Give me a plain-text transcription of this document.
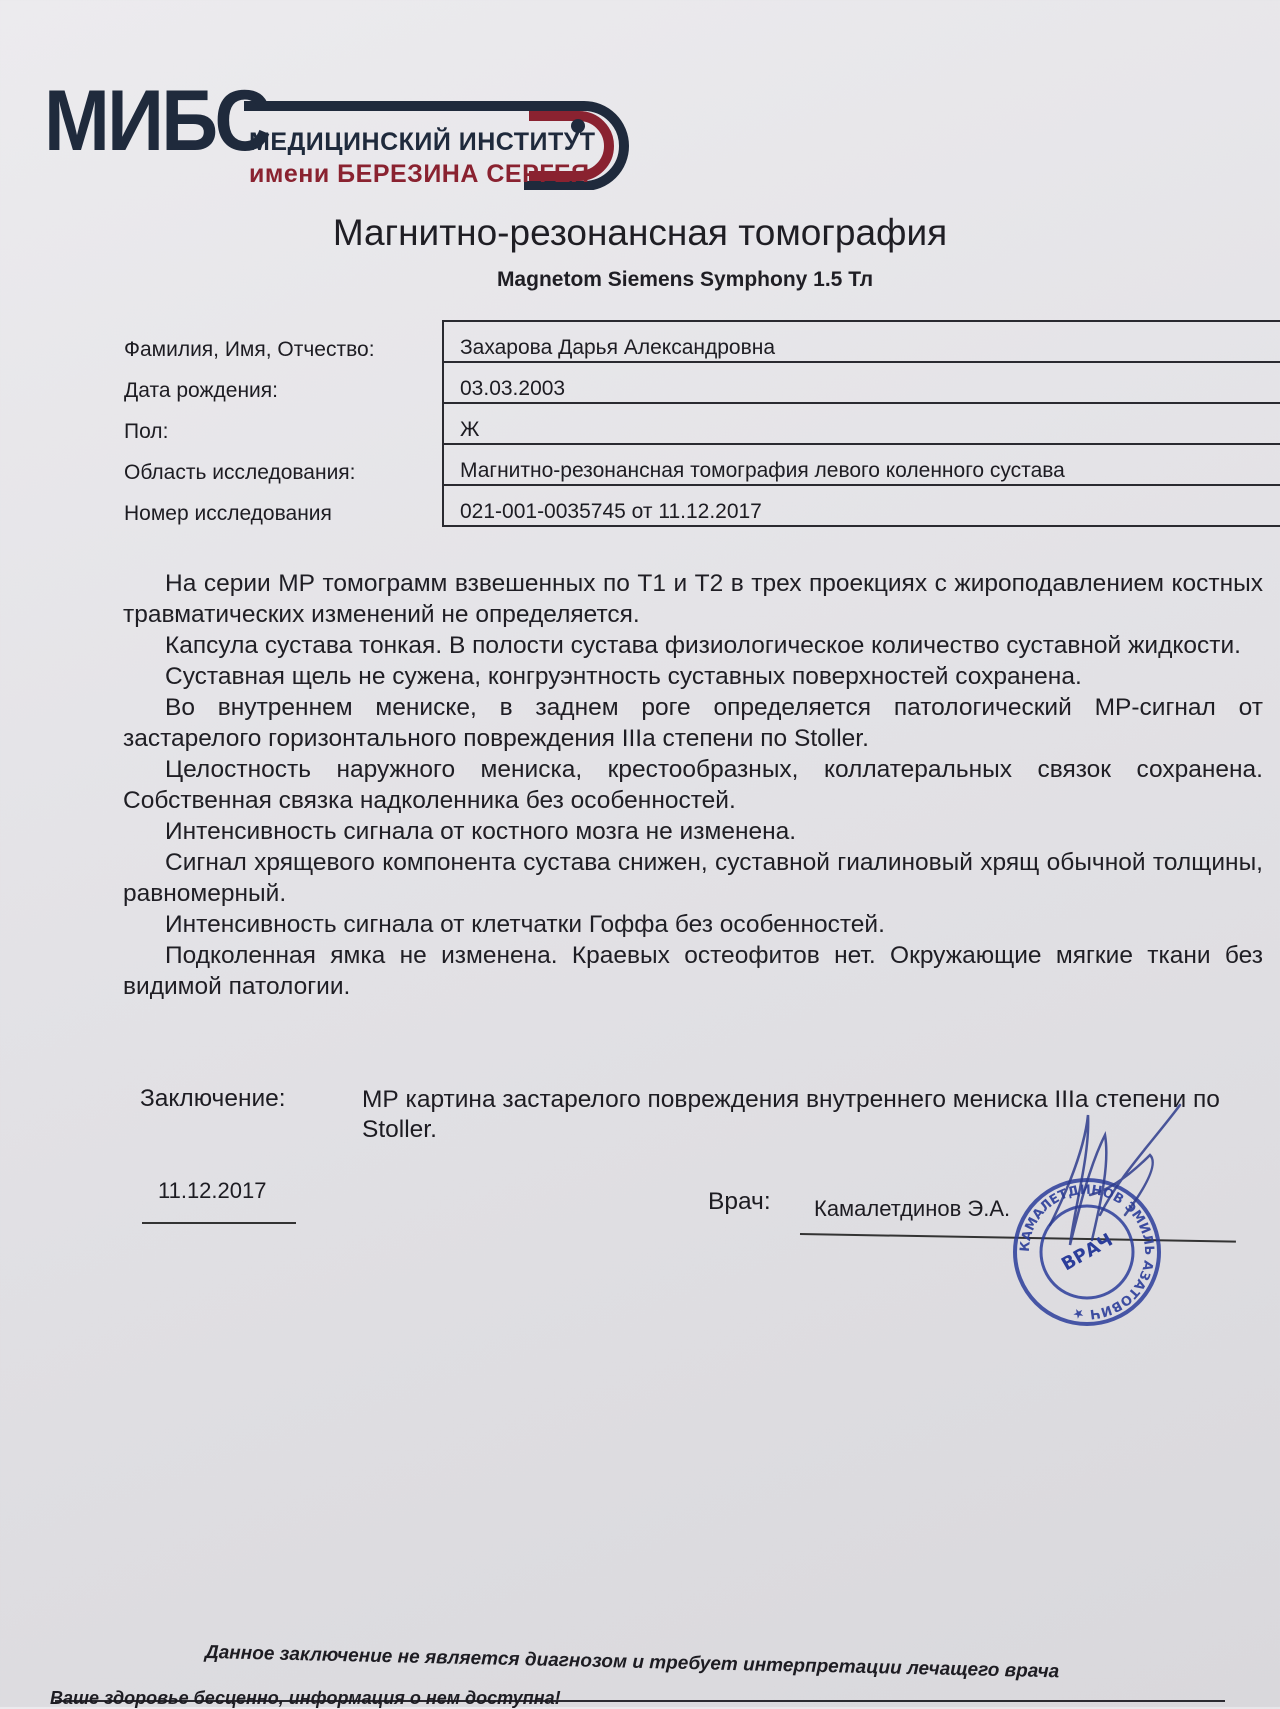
МИБС
МЕДИЦИНСКИЙ ИНСТИТУТ
имени БЕРЕЗИНА СЕРГЕЯ
Магнитно-резонансная томография
Magnetom Siemens Symphony 1.5 Тл
Фамилия, Имя, Отчество:	Захарова Дарья Александровна
Дата рождения:	03.03.2003
Пол:	Ж
Область исследования:	Магнитно-резонансная томография левого коленного сустава
Номер исследования	021-001-0035745 от 11.12.2017

На серии МР томограмм взвешенных по Т1 и Т2 в трех проекциях с жироподавлением костных травматических изменений не определяется.

Капсула сустава тонкая. В полости сустава физиологическое количество суставной жидкости.

Суставная щель не сужена, конгруэнтность суставных поверхностей сохранена.

Во внутреннем мениске, в заднем роге определяется патологический МР-сигнал от застарелого горизонтального повреждения IIIa степени по Stoller.

Целостность наружного мениска, крестообразных, коллатеральных связок сохранена. Собственная связка надколенника без особенностей.

Интенсивность сигнала от костного мозга не изменена.

Сигнал хрящевого компонента сустава снижен, суставной гиалиновый хрящ обычной толщины, равномерный.

Интенсивность сигнала от клетчатки Гоффа без особенностей.

Подколенная ямка не изменена. Краевых остеофитов нет. Окружающие мягкие ткани без видимой патологии.

Заключение:	МР картина застарелого повреждения внутреннего мениска IIIa степени по Stoller.
11.12.2017	Врач: Камалетдинов Э.А.
КАМАЛЕТДИНОВ ЭМИЛЬ АЗАТОВИЧ ★
ВРАЧ
Данное заключение не является диагнозом и требует интерпретации лечащего врача
Ваше здоровье бесценно, информация о нем доступна!
